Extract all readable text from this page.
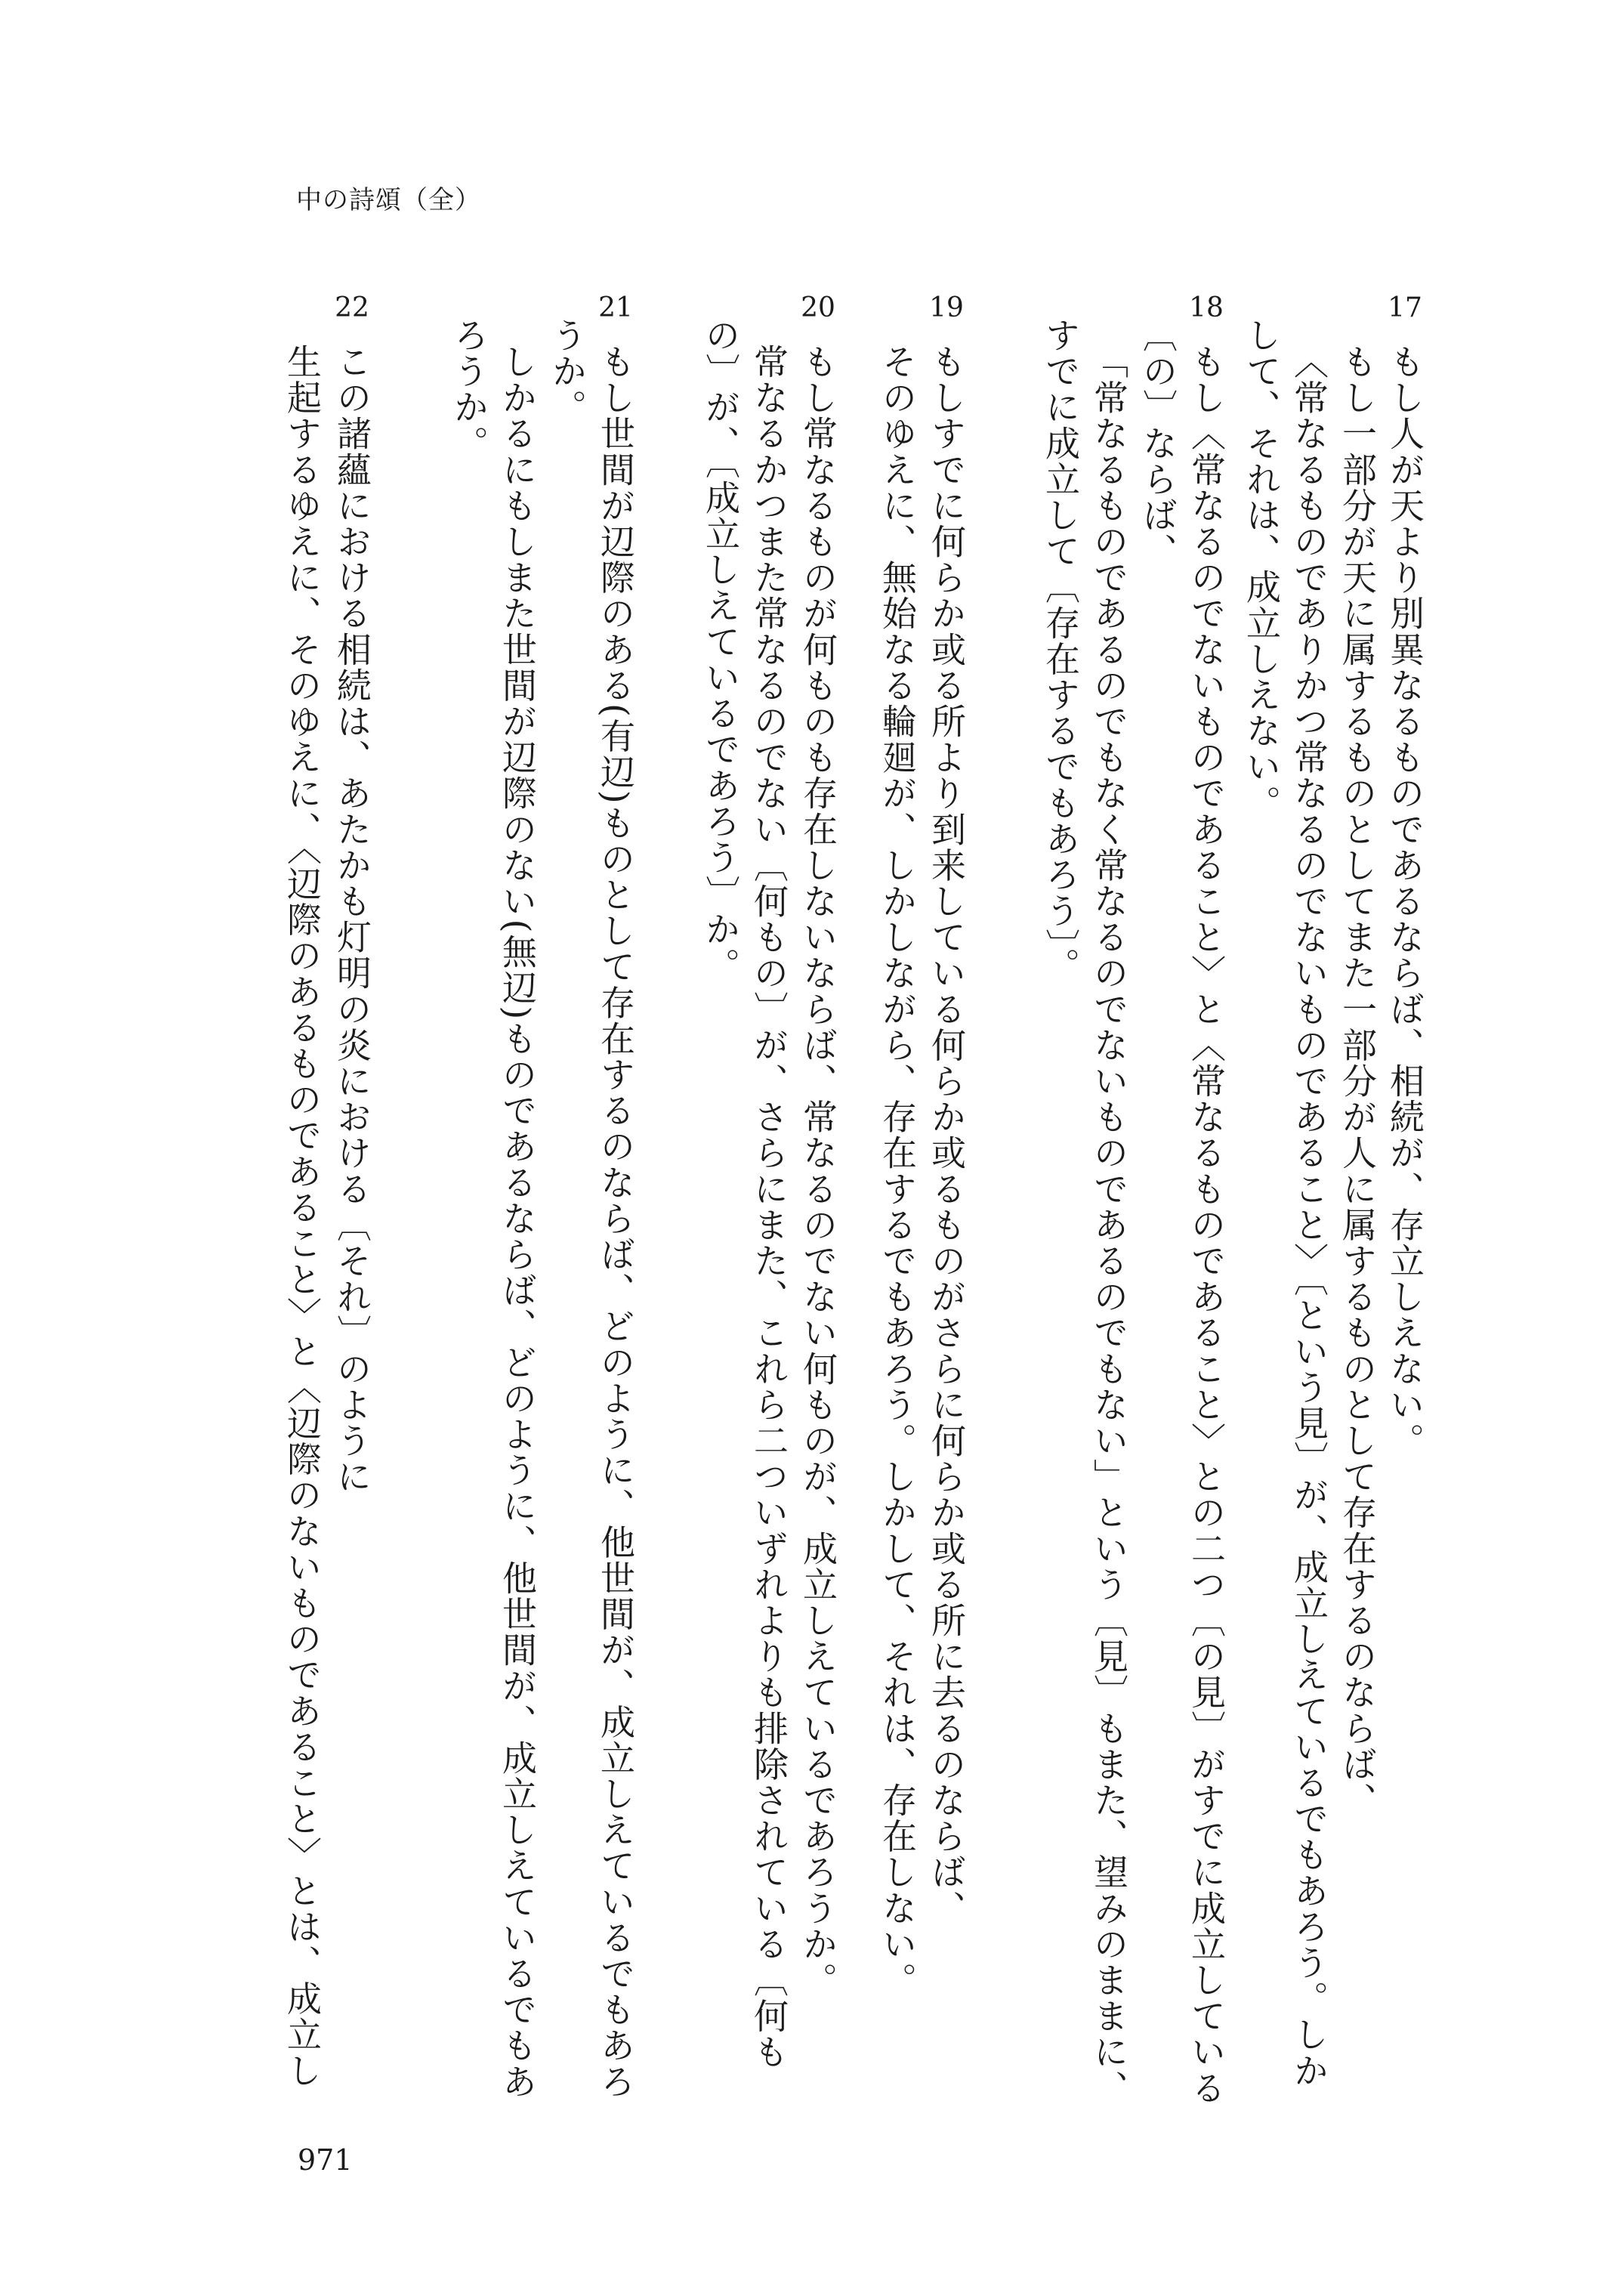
中の詩頌（全）
17
もし人が天より別異なるものであるならば、相続が、存立しえない。
もし一部分が天に属するものとしてまた一部分が人に属するものとして存在するのならば、
〈常なるものでありかつ常なるのでないものであること〉〔という見〕が、成立しえているでもあろう。しか
して、それは、成立しえない。
18
もし〈常なるのでないものであること〉と〈常なるものであること〉との二つ〔の見〕がすでに成立している
〔の〕ならば、
「常なるものであるのでもなく常なるのでないものであるのでもない」という〔見〕もまた、望みのままに、
すでに成立して〔存在するでもあろう〕。
19
もしすでに何らか或る所より到来している何らか或るものがさらに何らか或る所に去るのならば、
そのゆえに、無始なる輪廻が、しかしながら、存在するでもあろう。しかして、それは、存在しない。
20
もし常なるものが何ものも存在しないならば、常なるのでない何ものが、成立しえているであろうか。
常なるかつまた常なるのでない〔何もの〕が、さらにまた、これら二ついずれよりも排除されている〔何も
の〕が、〔成立しえているであろう〕か。
21
もし世間が辺際のある(有辺)ものとして存在するのならば、どのように、他世間が、成立しえているでもあろ
うか。
しかるにもしまた世間が辺際のない(無辺)ものであるならば、どのように、他世間が、成立しえているでもあ
ろうか。
22
この諸蘊における相続は、あたかも灯明の炎における〔それ〕のように
生起するゆえに、そのゆえに、〈辺際のあるものであること〉と〈辺際のないものであること〉とは、成立し
971
